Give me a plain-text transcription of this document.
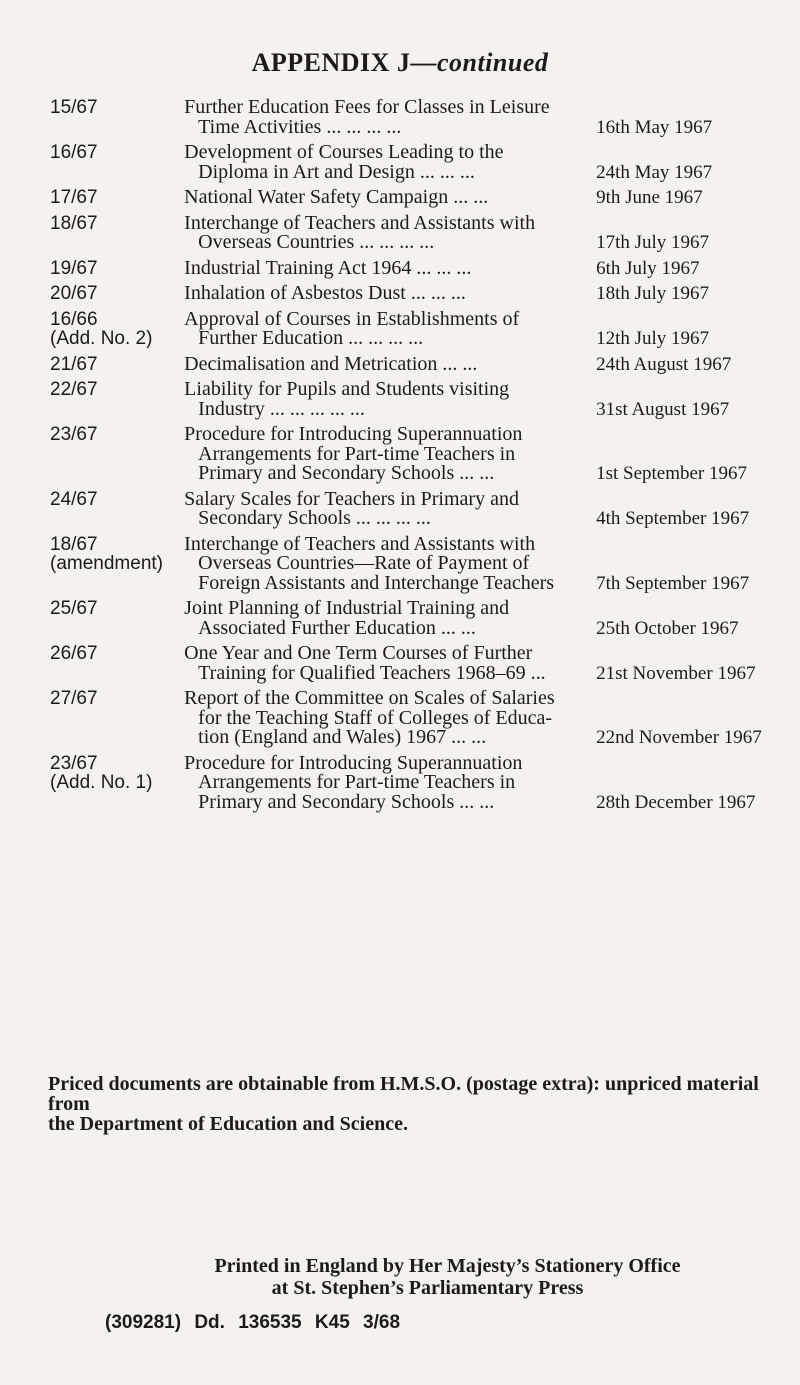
APPENDIX J—continued
15/67	Further Education Fees for Classes in Leisure
Time Activities ... ... ... ...	16th May 1967

16/67	Development of Courses Leading to the
Diploma in Art and Design ... ... ...	24th May 1967

17/67	National Water Safety Campaign ... ...	9th June 1967

18/67	Interchange of Teachers and Assistants with
Overseas Countries ... ... ... ...	17th July 1967

19/67	Industrial Training Act 1964 ... ... ...	6th July 1967

20/67	Inhalation of Asbestos Dust ... ... ...	18th July 1967

16/66
(Add. No. 2)	Approval of Courses in Establishments of
Further Education ... ... ... ...	12th July 1967

21/67	Decimalisation and Metrication ... ...	24th August 1967

22/67	Liability for Pupils and Students visiting
Industry ... ... ... ... ...	31st August 1967

23/67	Procedure for Introducing Superannuation
Arrangements for Part-time Teachers in
Primary and Secondary Schools ... ...	1st September 1967

24/67	Salary Scales for Teachers in Primary and
Secondary Schools ... ... ... ...	4th September 1967

18/67
(amendment)	Interchange of Teachers and Assistants with
Overseas Countries—Rate of Payment of
Foreign Assistants and Interchange Teachers	7th September 1967

25/67	Joint Planning of Industrial Training and
Associated Further Education ... ...	25th October 1967

26/67	One Year and One Term Courses of Further
Training for Qualified Teachers 1968–69 ...	21st November 1967

27/67	Report of the Committee on Scales of Salaries
for the Teaching Staff of Colleges of Educa-
tion (England and Wales) 1967 ... ...	22nd November 1967

23/67
(Add. No. 1)	Procedure for Introducing Superannuation
Arrangements for Part-time Teachers in
Primary and Secondary Schools ... ...	28th December 1967
Priced documents are obtainable from H.M.S.O. (postage extra): unpriced material from
the Department of Education and Science.
Printed in England by Her Majesty’s Stationery Office
at St. Stephen’s Parliamentary Press
(309281) Dd. 136535 K45 3/68
